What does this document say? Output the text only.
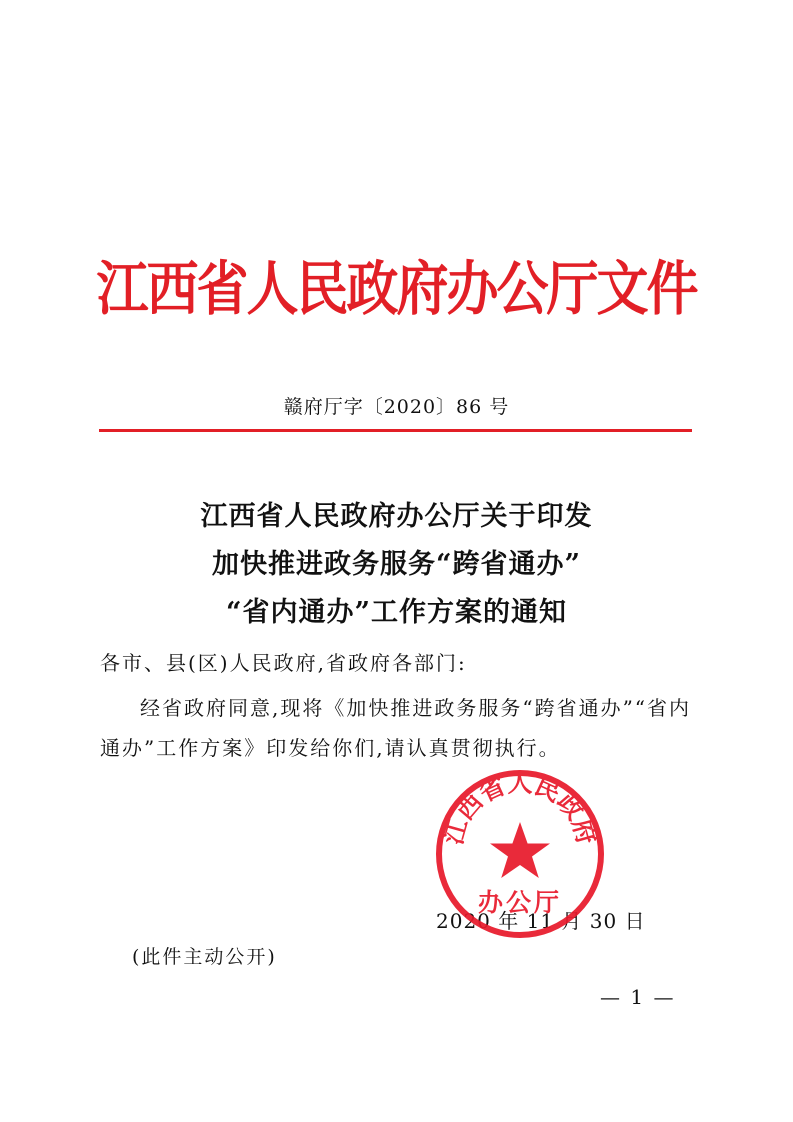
江西省人民政府办公厅文件
赣府厅字〔2020〕86 号
江西省人民政府办公厅关于印发
加快推进政务服务“跨省通办”
“省内通办”工作方案的通知
各市、县(区)人民政府,省政府各部门:
经省政府同意,现将《加快推进政务服务“跨省通办”“省内通办”工作方案》印发给你们,请认真贯彻执行。
2020 年 11 月 30 日
江西省人民政府
办公厅
(此件主动公开)
— 1 —
